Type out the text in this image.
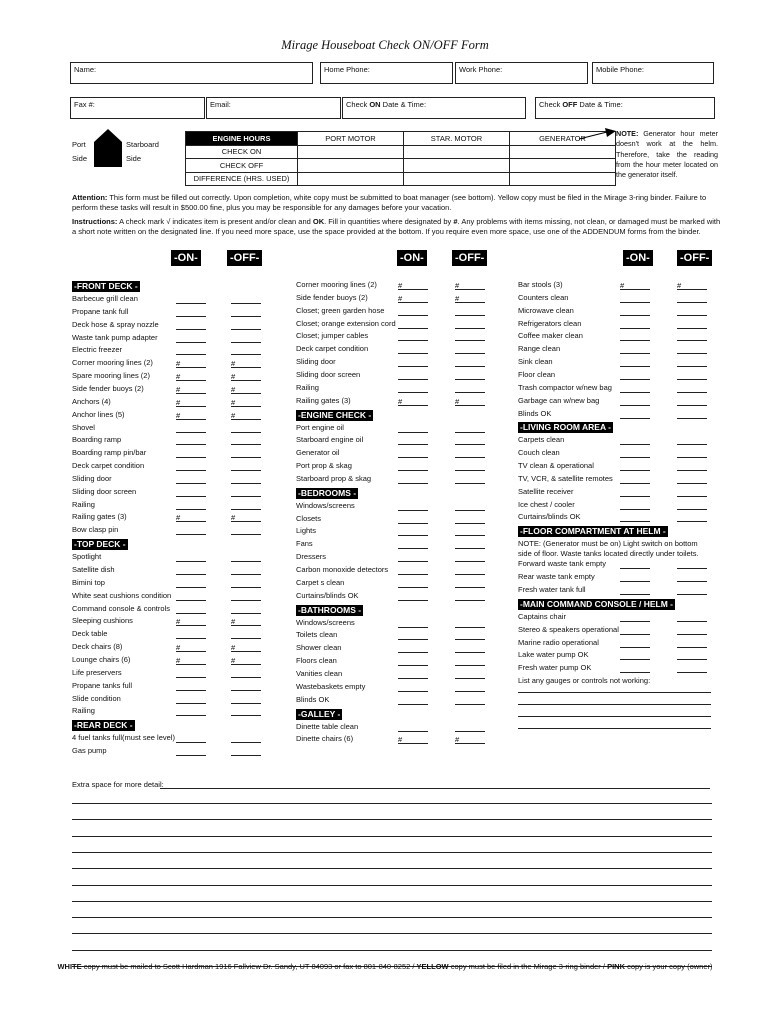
Mirage Houseboat Check ON/OFF Form
Name:	Home Phone:	Work Phone:	Mobile Phone:
Fax #:	Email:	Check ON Date & Time:	Check OFF Date & Time:
Port
Side
Starboard
Side
ENGINE HOURS	PORT MOTOR	STAR. MOTOR	GENERATOR
CHECK ON			
CHECK OFF			
DIFFERENCE (HRS. USED)			
NOTE: Generator hour meter doesn't work at the helm. Therefore, take the reading from the hour meter located on the generator itself.
Attention: This form must be filled out correctly. Upon completion, white copy must be submitted to boat manager (see bottom). Yellow copy must be filed in the Mirage 3-ring binder. Failure to perform these tasks will result in $500.00 fine, plus you may be responsible for any damages before your vacation.
Instructions: A check mark √ indicates item is present and/or clean and OK. Fill in quantities where designated by #. Any problems with items missing, not clean, or damaged must be marked with a short note written on the designated line. If you need more space, use the space provided at the bottom. If you require even more space, use one of the ADDENDUM forms from the binder.
-ON-	-OFF-	-ON-	-OFF-	-ON-	-OFF-
-FRONT DECK -
Barbecue grill clean
Propane tank full
Deck hose & spray nozzle
Waste tank pump adapter
Electric freezer
Corner mooring lines (2)	#	#
Spare mooring lines (2)	#	#
Side fender buoys (2)	#	#
Anchors (4)	#	#
Anchor lines (5)	#	#
Shovel
Boarding ramp
Boarding ramp pin/bar
Deck carpet condition
Sliding door
Sliding door screen
Railing
Railing gates (3)	#	#
Bow clasp pin
-TOP DECK -
Spotlight
Satellite dish
Bimini top
White seat cushions condition
Command console & controls
Sleeping cushions	#	#
Deck table
Deck chairs (8)	#	#
Lounge chairs (6)	#	#
Life preservers
Propane tanks full
Slide condition
Railing
-REAR DECK -
4 fuel tanks full(must see level)
Gas pump
Corner mooring lines (2)	#	#
Side fender buoys (2)	#	#
Closet; green garden hose
Closet; orange extension cord
Closet; jumper cables
Deck carpet condition
Sliding door
Sliding door screen
Railing
Railing gates (3)	#	#
-ENGINE CHECK -
Port engine oil
Starboard engine oil
Generator oil
Port prop & skag
Starboard prop & skag
-BEDROOMS -
Windows/screens
Closets
Lights
Fans
Dressers
Carbon monoxide detectors
Carpet s clean
Curtains/blinds OK
-BATHROOMS -
Windows/screens
Toilets clean
Shower clean
Floors clean
Vanities clean
Wastebaskets empty
Blinds OK
-GALLEY -
Dinette table clean
Dinette chairs (6)	#	#
Bar stools (3)	#	#
Counters clean
Microwave clean
Refrigerators clean
Coffee maker clean
Range clean
Sink clean
Floor clean
Trash compactor w/new bag
Garbage can w/new bag
Blinds OK
-LIVING ROOM AREA -
Carpets clean
Couch clean
TV clean & operational
TV, VCR, & satellite remotes
Satellite receiver
Ice chest / cooler
Curtains/blinds OK
-FLOOR COMPARTMENT AT HELM -
NOTE: (Generator must be on) Light switch on bottom side of floor. Waste tanks located directly under toilets.
Forward waste tank empty
Rear waste tank empty
Fresh water tank full
-MAIN COMMAND CONSOLE / HELM -
Captains chair
Stereo & speakers operational
Marine radio operational
Lake water pump OK
Fresh water pump OK
List any gauges or controls not working:
Extra space for more detail:
WHITE copy must be mailed to Scott Hardman 1916 Fallview Dr. Sandy, UT 84093 or fax to 801-840-8252 / YELLOW copy must be filed in the Mirage 3-ring binder / PINK copy is your copy (owner)
